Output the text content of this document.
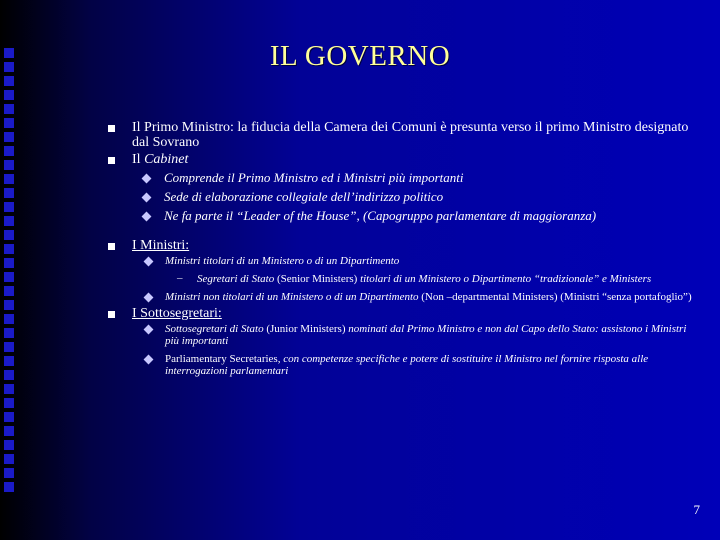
IL GOVERNO
Il Primo Ministro: la fiducia della Camera dei Comuni è presunta verso il primo Ministro designato dal Sovrano
Il Cabinet
Comprende il Primo Ministro ed i Ministri più importanti
Sede di elaborazione collegiale dell’indirizzo politico
Ne fa parte il “Leader of the House”, (Capogruppo parlamentare di maggioranza)
I Ministri:
Ministri titolari di un Ministero o di un Dipartimento
– Segretari di Stato (Senior Ministers) titolari di un Ministero o Dipartimento “tradizionale” e Ministers
Ministri non titolari di un Ministero o di un Dipartimento (Non –departmental Ministers) (Ministri “senza portafoglio”)
I Sottosegretari:
Sottosegretari di Stato (Junior Ministers) nominati dal Primo Ministro e non dal Capo dello Stato: assistono i Ministri più importanti
Parliamentary Secretaries, con competenze specifiche e potere di sostituire il Ministro nel fornire risposta alle interrogazioni parlamentari
7
